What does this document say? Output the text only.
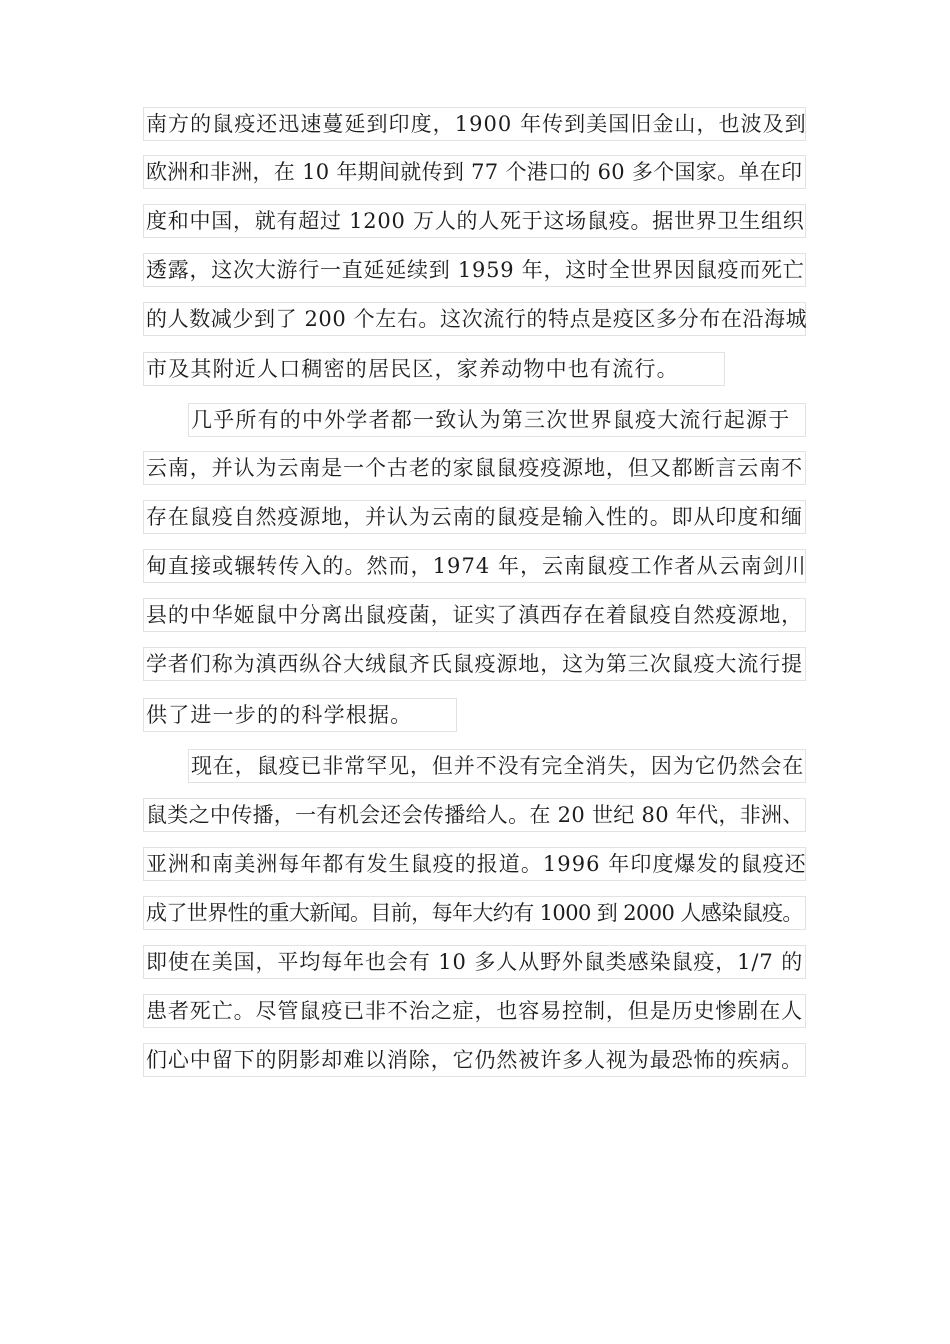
南方的鼠疫还迅速蔓延到印度，1900 年传到美国旧金山，也波及到
欧洲和非洲，在 10 年期间就传到 77 个港口的 60 多个国家。单在印
度和中国，就有超过 1200 万人的人死于这场鼠疫。据世界卫生组织
透露，这次大游行一直延延续到 1959 年，这时全世界因鼠疫而死亡
的人数减少到了 200 个左右。这次流行的特点是疫区多分布在沿海城
市及其附近人口稠密的居民区，家养动物中也有流行。
几乎所有的中外学者都一致认为第三次世界鼠疫大流行起源于
云南，并认为云南是一个古老的家鼠鼠疫疫源地，但又都断言云南不
存在鼠疫自然疫源地，并认为云南的鼠疫是输入性的。即从印度和缅
甸直接或辗转传入的。然而，1974 年，云南鼠疫工作者从云南剑川
县的中华姬鼠中分离出鼠疫菌，证实了滇西存在着鼠疫自然疫源地，
学者们称为滇西纵谷大绒鼠齐氏鼠疫源地，这为第三次鼠疫大流行提
供了进一步的的科学根据。
现在，鼠疫已非常罕见，但并不没有完全消失，因为它仍然会在
鼠类之中传播，一有机会还会传播给人。在 20 世纪 80 年代，非洲、
亚洲和南美洲每年都有发生鼠疫的报道。1996 年印度爆发的鼠疫还
成了世界性的重大新闻。目前，每年大约有 1000 到 2000 人感染鼠疫。
即使在美国，平均每年也会有 10 多人从野外鼠类感染鼠疫，1/7 的
患者死亡。尽管鼠疫已非不治之症，也容易控制，但是历史惨剧在人
们心中留下的阴影却难以消除，它仍然被许多人视为最恐怖的疾病。
